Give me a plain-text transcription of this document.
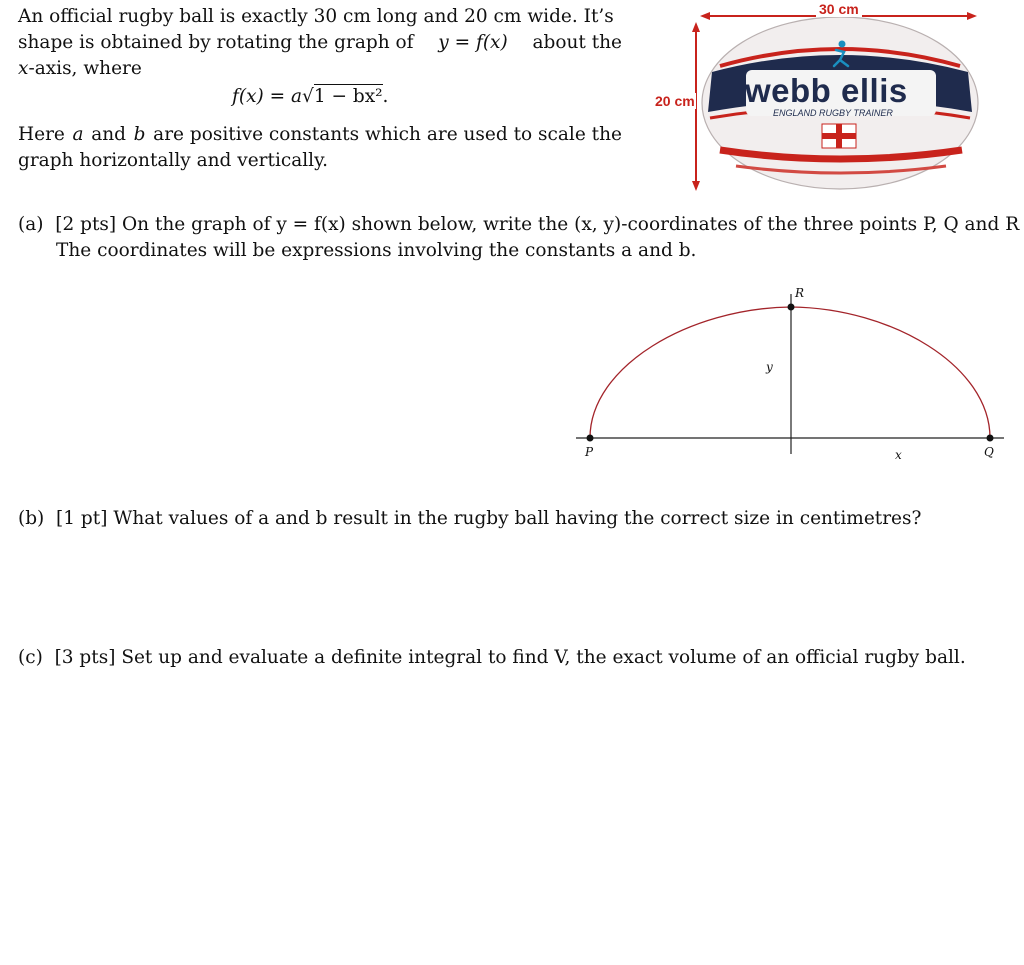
An official rugby ball is exactly 30 cm long and 20 cm wide. It’s
shape is obtained by rotating the graph of y = f(x) about the
x-axis, where
f(x) = a√1 − bx².
Here a and b are positive constants which are used to scale the
graph horizontally and vertically.
30 cm
20 cm webb ellis
ENGLAND RUGBY TRAINER
(a) [2 pts] On the graph of y = f(x) shown below, write the (x, y)-coordinates of the three points P, Q and R
The coordinates will be expressions involving the constants a and b.
P	Q
R
x
y
(b) [1 pt] What values of a and b result in the rugby ball having the correct size in centimetres?
(c) [3 pts] Set up and evaluate a definite integral to find V, the exact volume of an official rugby ball.
